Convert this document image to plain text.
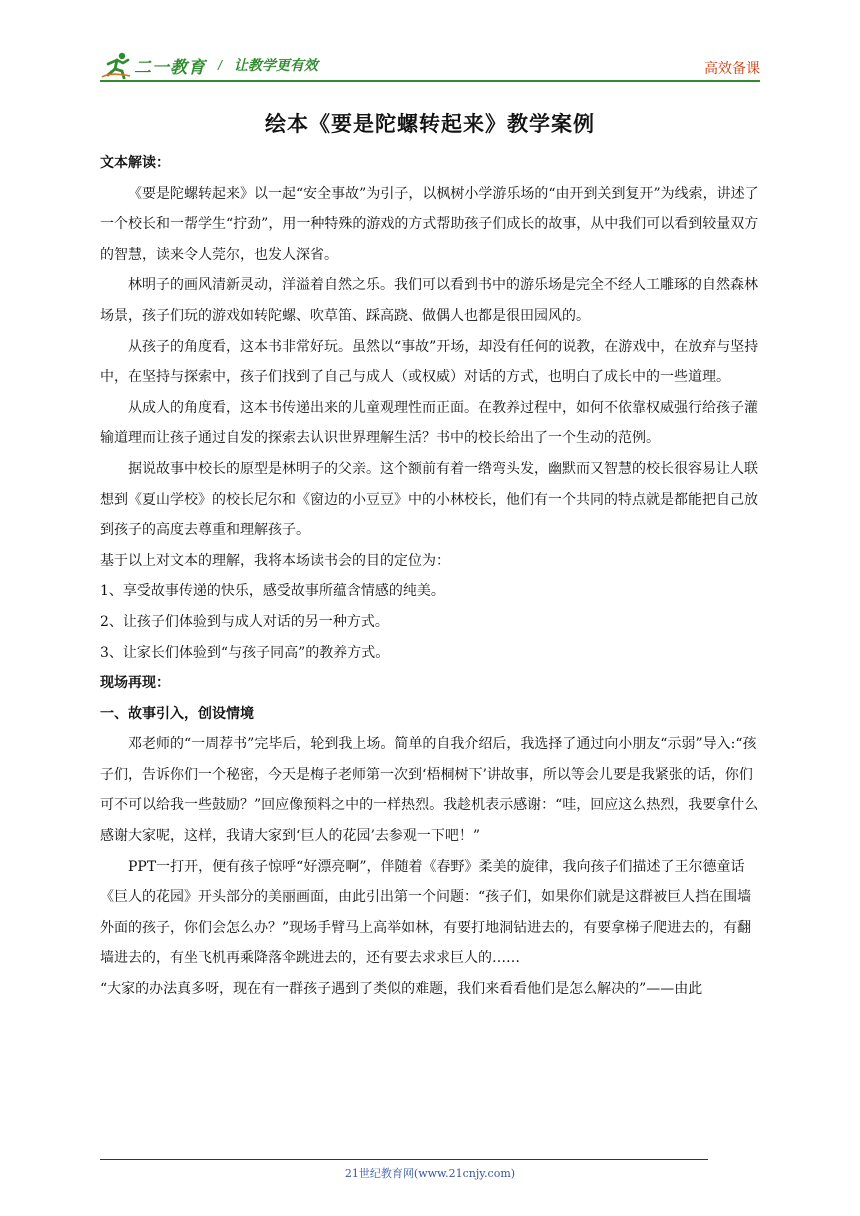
二一教育 / 让教学更有效	高效备课
绘本《要是陀螺转起来》教学案例

文本解读：

《要是陀螺转起来》以一起“安全事故”为引子，以枫树小学游乐场的“由开到关到复开”为线索，讲述了一个校长和一帮学生“拧劲”，用一种特殊的游戏的方式帮助孩子们成长的故事，从中我们可以看到较量双方的智慧，读来令人莞尔，也发人深省。

林明子的画风清新灵动，洋溢着自然之乐。我们可以看到书中的游乐场是完全不经人工雕琢的自然森林场景，孩子们玩的游戏如转陀螺、吹草笛、踩高跷、做偶人也都是很田园风的。

从孩子的角度看，这本书非常好玩。虽然以“事故”开场，却没有任何的说教，在游戏中，在放弃与坚持中，在坚持与探索中，孩子们找到了自己与成人（或权威）对话的方式，也明白了成长中的一些道理。

从成人的角度看，这本书传递出来的儿童观理性而正面。在教养过程中，如何不依靠权威强行给孩子灌输道理而让孩子通过自发的探索去认识世界理解生活？书中的校长给出了一个生动的范例。

据说故事中校长的原型是林明子的父亲。这个额前有着一绺弯头发，幽默而又智慧的校长很容易让人联想到《夏山学校》的校长尼尔和《窗边的小豆豆》中的小林校长，他们有一个共同的特点就是都能把自己放到孩子的高度去尊重和理解孩子。

基于以上对文本的理解，我将本场读书会的目的定位为：

1、享受故事传递的快乐，感受故事所蕴含情感的纯美。

2、让孩子们体验到与成人对话的另一种方式。

3、让家长们体验到“与孩子同高”的教养方式。

现场再现：

一、故事引入，创设情境

邓老师的“一周荐书”完毕后，轮到我上场。简单的自我介绍后，我选择了通过向小朋友“示弱”导入:“孩子们，告诉你们一个秘密，今天是梅子老师第一次到‘梧桐树下’讲故事，所以等会儿要是我紧张的话，你们可不可以给我一些鼓励？”回应像预料之中的一样热烈。我趁机表示感谢：“哇，回应这么热烈，我要拿什么感谢大家呢，这样，我请大家到‘巨人的花园’去参观一下吧！”

PPT一打开，便有孩子惊呼“好漂亮啊”，伴随着《春野》柔美的旋律，我向孩子们描述了王尔德童话《巨人的花园》开头部分的美丽画面，由此引出第一个问题：“孩子们，如果你们就是这群被巨人挡在围墙外面的孩子，你们会怎么办？”现场手臂马上高举如林，有要打地洞钻进去的，有要拿梯子爬进去的，有翻墙进去的，有坐飞机再乘降落伞跳进去的，还有要去求求巨人的……

“大家的办法真多呀，现在有一群孩子遇到了类似的难题，我们来看看他们是怎么解决的”——由此

21世纪教育网(www.21cnjy.com)
